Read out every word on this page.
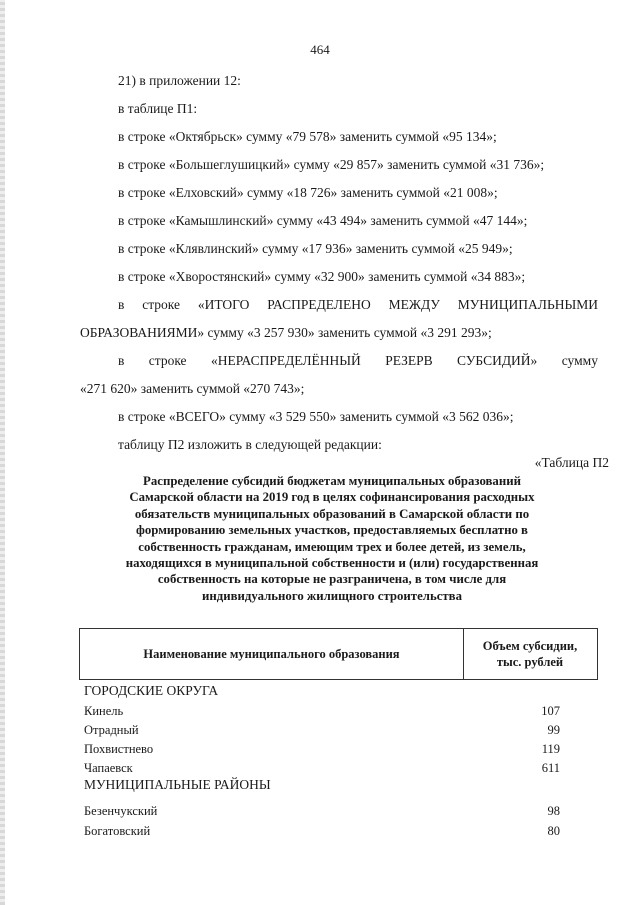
464
21) в приложении 12:
в таблице П1:
в строке «Октябрьск» сумму «79 578» заменить суммой «95 134»;
в строке «Большеглушицкий» сумму «29 857» заменить суммой «31 736»;
в строке «Елховский» сумму «18 726» заменить суммой «21 008»;
в строке «Камышлинский» сумму «43 494» заменить суммой «47 144»;
в строке «Клявлинский» сумму «17 936» заменить суммой «25 949»;
в строке «Хворостянский» сумму «32 900» заменить суммой «34 883»;
в строке «ИТОГО РАСПРЕДЕЛЕНО МЕЖДУ МУНИЦИПАЛЬНЫМИ
ОБРАЗОВАНИЯМИ» сумму «3 257 930» заменить суммой «3 291 293»;
в строке «НЕРАСПРЕДЕЛЁННЫЙ РЕЗЕРВ СУБСИДИЙ» сумму
«271 620» заменить суммой «270 743»;
в строке «ВСЕГО» сумму «3 529 550» заменить суммой «3 562 036»;
таблицу П2 изложить в следующей редакции:
«Таблица П2
Распределение субсидий бюджетам муниципальных образований
Самарской области на 2019 год в целях софинансирования расходных
обязательств муниципальных образований в Самарской области по
формированию земельных участков, предоставляемых бесплатно в
собственность гражданам, имеющим трех и более детей, из земель,
находящихся в муниципальной собственности и (или) государственная
собственность на которые не разграничена, в том числе для
индивидуального жилищного строительства
Наименование муниципального образования
Объем субсидии,
тыс. рублей
ГОРОДСКИЕ ОКРУГА
Кинель	107
Отрадный	99
Похвистнево	119
Чапаевск	611
МУНИЦИПАЛЬНЫЕ РАЙОНЫ
Безенчукский	98
Богатовский	80
